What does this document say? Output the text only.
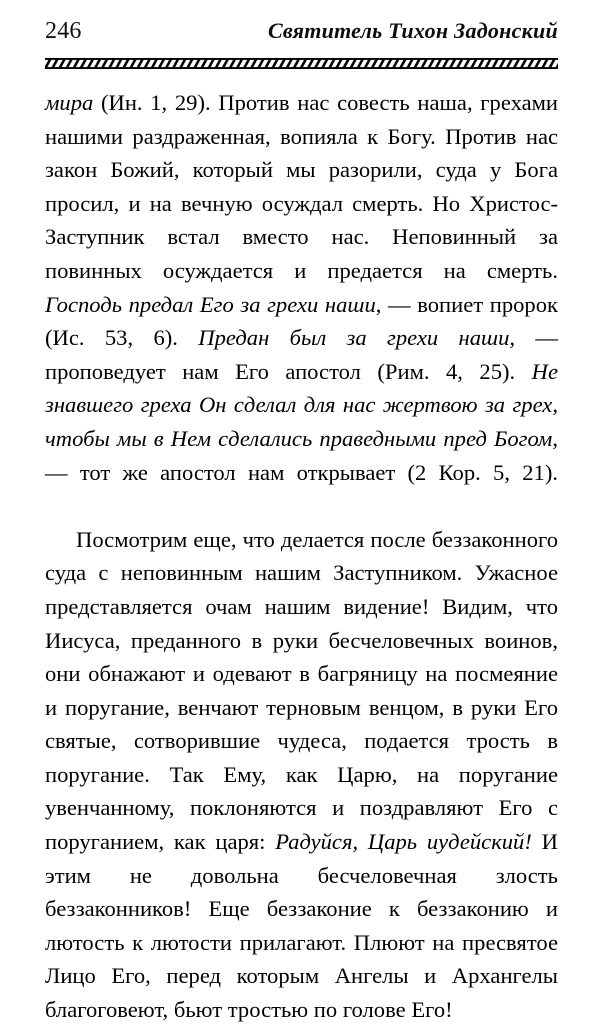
246	Святитель Тихон Задонский

мира (Ин. 1, 29). Против нас совесть наша, грехами нашими раздраженная, вопияла к Богу. Против нас закон Божий, который мы разорили, суда у Бога просил, и на вечную осуждал смерть. Но Христос-Заступник встал вместо нас. Неповинный за повинных осуждается и предается на смерть. Господь предал Его за грехи наши, — вопиет пророк (Ис. 53, 6). Предан был за грехи наши, — проповедует нам Его апостол (Рим. 4, 25). Не знавшего греха Он сделал для нас жертвою за грех, чтобы мы в Нем сделались праведными пред Богом, — тот же апостол нам открывает (2 Кор. 5, 21).

Посмотрим еще, что делается после беззаконного суда с неповинным нашим Заступником. Ужасное представляется очам нашим видение! Видим, что Иисуса, преданного в руки бесчеловечных воинов, они обнажают и одевают в багряницу на посмеяние и поругание, венчают терновым венцом, в руки Его святые, сотворившие чудеса, подается трость в поругание. Так Ему, как Царю, на поругание увенчанному, поклоняются и поздравляют Его с поруганием, как царя: Радуйся, Царь иудейский! И этим не довольна бесчеловечная злость беззаконников! Еще беззаконие к беззаконию и лютость к лютости прилагают. Плюют на пресвятое Лицо Его, перед которым Ангелы и Архангелы благоговеют, бьют тростью по голове Его!
